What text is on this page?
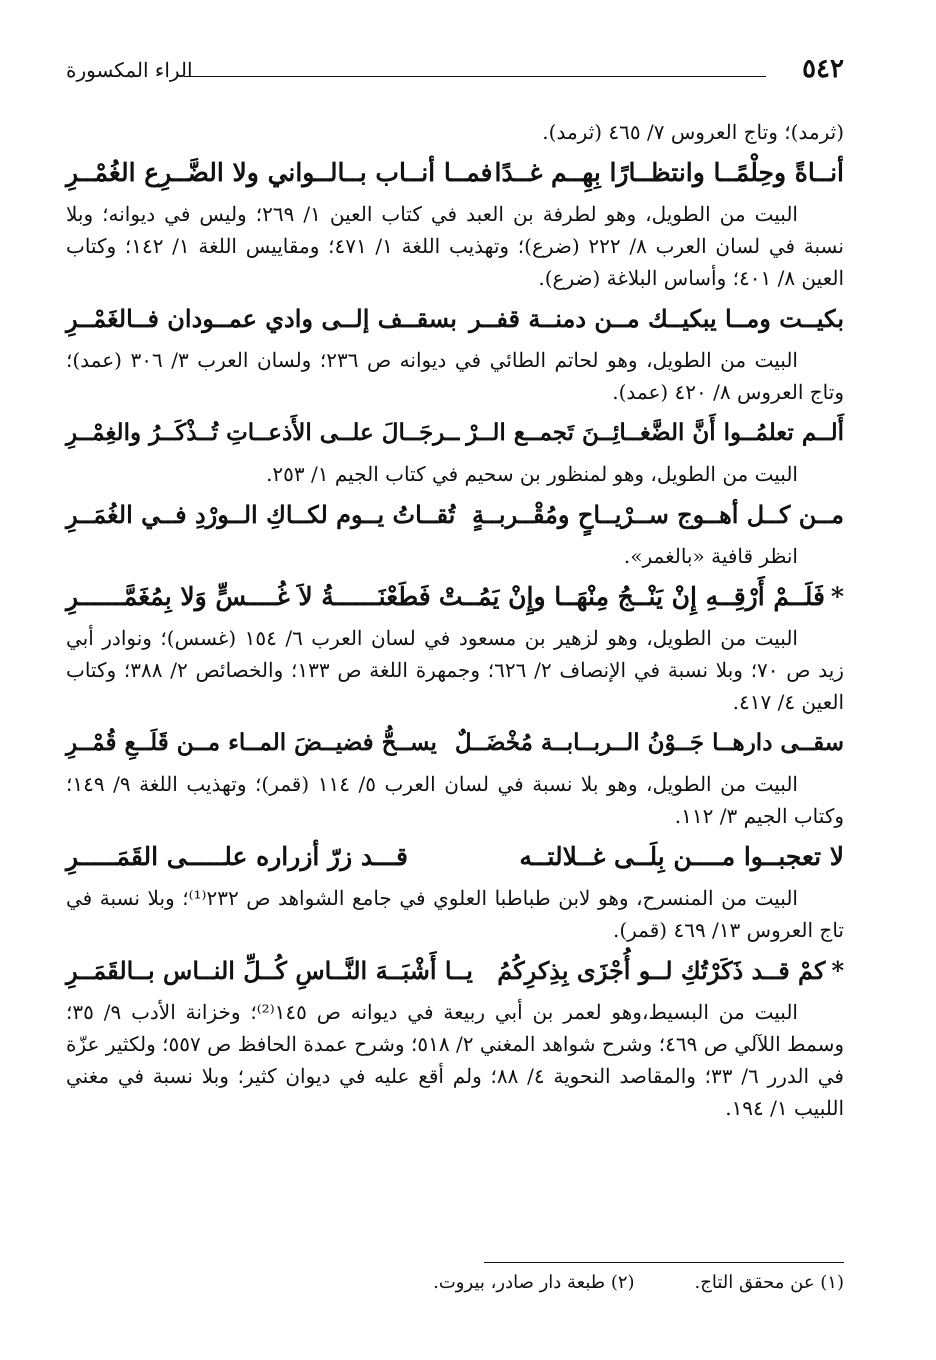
٥٤٢
الراء المكسورة

(ثرمد)؛ وتاج العروس ٧/ ٤٦٥ (ثرمد).

أنــاةً وحِلْمًــا وانتظــارًا بِهِــم غــدًا
فمــا أنــاب بــالــواني ولا الضَّــرِع الغُمْــرِ

البيت من الطويل، وهو لطرفة بن العبد في كتاب العين ١/ ٢٦٩؛ وليس في ديوانه؛ وبلا نسبة في لسان العرب ٨/ ٢٢٢ (ضرع)؛ وتهذيب اللغة ١/ ٤٧١؛ ومقاييس اللغة ١/ ١٤٢؛ وكتاب العين ٨/ ٤٠١؛ وأساس البلاغة (ضرع).

بكيــت ومــا يبكيــك مــن دمنــة قفــر
بسقــف إلــى وادي عمــودان فــالغَمْــرِ

البيت من الطويل، وهو لحاتم الطائي في ديوانه ص ٢٣٦؛ ولسان العرب ٣/ ٣٠٦ (عمد)؛ وتاج العروس ٨/ ٤٢٠ (عمد).

أَلــم تعلمُــوا أَنَّ الضَّغــائِــنَ تَجمــع الــرْ
ــرجَــالَ علــى الأَذعــاتِ تُــذْكَــرُ والغِمْــرِ

البيت من الطويل، وهو لمنظور بن سحيم في كتاب الجيم ١/ ٢٥٣.

مــن كــل أهــوج ســرْيــاحٍ ومُقْــربــةٍ
تُقــاتُ يــوم لكــاكِ الــورْدِ فــي الغُمَــرِ

انظر قافية «بالغمر».

*فَلَــمْ أَرْقِــهِ إِنْ يَنْــجُ مِنْهَــا وإِنْ يَمُــتْ
فَطَعْنَــــــةُ لاَ غُــــسٍّ وَلا بِمُغَمَّــــــرِ

البيت من الطويل، وهو لزهير بن مسعود في لسان العرب ٦/ ١٥٤ (غسس)؛ ونوادر أبي زيد ص ٧٠؛ وبلا نسبة في الإنصاف ٢/ ٦٢٦؛ وجمهرة اللغة ص ١٣٣؛ والخصائص ٢/ ٣٨٨؛ وكتاب العين ٤/ ٤١٧.

سقــى دارهــا جَــوْنُ الــربــابــة مُخْضَــلٌ
يســحُّ فضيــضَ المــاء مــن قَلَــعِ قُمْــرِ

البيت من الطويل، وهو بلا نسبة في لسان العرب ٥/ ١١٤ (قمر)؛ وتهذيب اللغة ٩/ ١٤٩؛ وكتاب الجيم ٣/ ١١٢.

لا تعجبــوا مــــن بِلَــى غــلالتــه
قـــد زرّ أزراره علـــــى القَمَـــــرِ

البيت من المنسرح، وهو لابن طباطبا العلوي في جامع الشواهد ص ٢٣٢⁽¹⁾؛ وبلا نسبة في تاج العروس ١٣/ ٤٦٩ (قمر).

*كمْ قــد ذَكَرْتُكِ لــو أُجْزَى بِذِكرِكُمُ
يــا أَشْبَــهَ النَّــاسِ كُــلِّ النــاس بــالقَمَــرِ

البيت من البسيط،وهو لعمر بن أبي ربيعة في ديوانه ص ١٤٥⁽²⁾؛ وخزانة الأدب ٩/ ٣٥؛ وسمط اللآلي ص ٤٦٩؛ وشرح شواهد المغني ٢/ ٥١٨؛ وشرح عمدة الحافظ ص ٥٥٧؛ ولكثير عزّة في الدرر ٦/ ٣٣؛ والمقاصد النحوية ٤/ ٨٨؛ ولم أقع عليه في ديوان كثير؛ وبلا نسبة في مغني اللبيب ١/ ١٩٤.

(١) عن محقق التاج.
(٢) طبعة دار صادر، بيروت.
